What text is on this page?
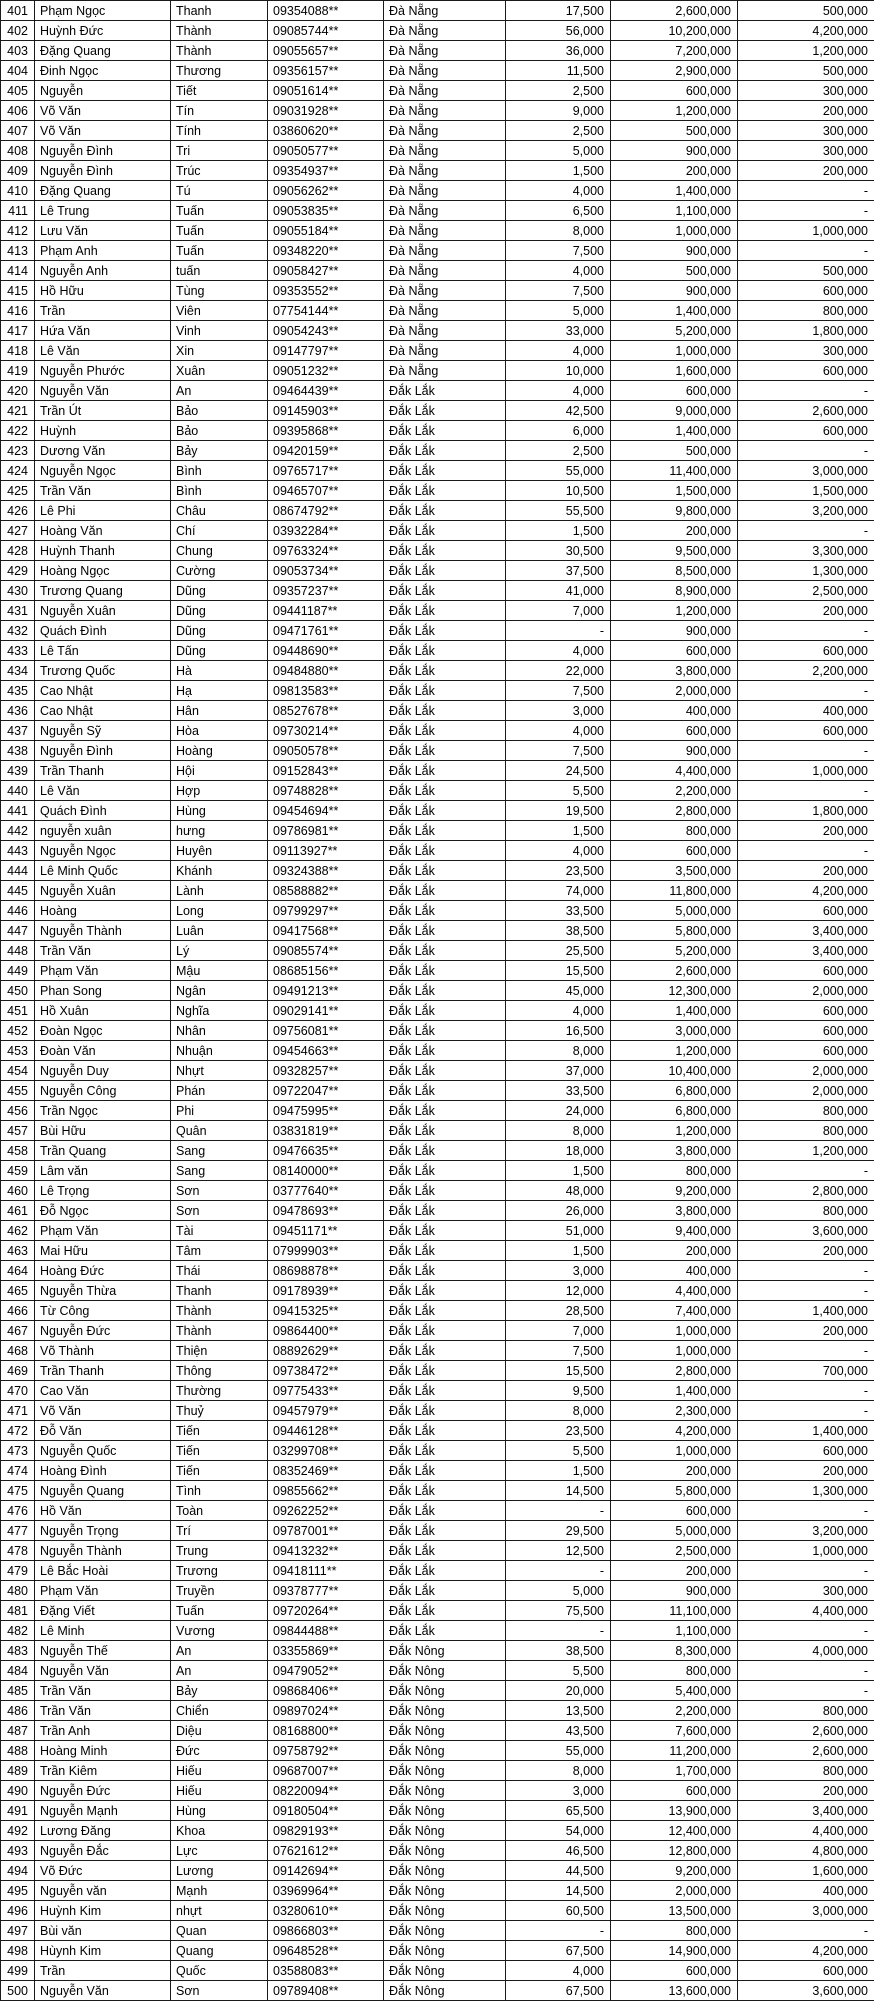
401	Phạm Ngọc	Thanh	09354088**	Đà Nẵng	17,500	2,600,000	500,000
402	Huỳnh Đức	Thành	09085744**	Đà Nẵng	56,000	10,200,000	4,200,000
403	Đặng Quang	Thành	09055657**	Đà Nẵng	36,000	7,200,000	1,200,000
404	Đinh Ngọc	Thương	09356157**	Đà Nẵng	11,500	2,900,000	500,000
405	Nguyễn	Tiết	09051614**	Đà Nẵng	2,500	600,000	300,000
406	Võ Văn	Tín	09031928**	Đà Nẵng	9,000	1,200,000	200,000
407	Võ Văn	Tính	03860620**	Đà Nẵng	2,500	500,000	300,000
408	Nguyễn Đình	Tri	09050577**	Đà Nẵng	5,000	900,000	300,000
409	Nguyễn Đình	Trúc	09354937**	Đà Nẵng	1,500	200,000	200,000
410	Đặng Quang	Tú	09056262**	Đà Nẵng	4,000	1,400,000	-
411	Lê Trung	Tuấn	09053835**	Đà Nẵng	6,500	1,100,000	-
412	Lưu Văn	Tuấn	09055184**	Đà Nẵng	8,000	1,000,000	1,000,000
413	Phạm Anh	Tuấn	09348220**	Đà Nẵng	7,500	900,000	-
414	Nguyễn Anh	tuấn	09058427**	Đà Nẵng	4,000	500,000	500,000
415	Hồ Hữu	Tùng	09353552**	Đà Nẵng	7,500	900,000	600,000
416	Trần	Viên	07754144**	Đà Nẵng	5,000	1,400,000	800,000
417	Hứa Văn	Vinh	09054243**	Đà Nẵng	33,000	5,200,000	1,800,000
418	Lê Văn	Xin	09147797**	Đà Nẵng	4,000	1,000,000	300,000
419	Nguyễn Phước	Xuân	09051232**	Đà Nẵng	10,000	1,600,000	600,000
420	Nguyễn Văn	An	09464439**	Đắk Lắk	4,000	600,000	-
421	Trần Út	Bảo	09145903**	Đắk Lắk	42,500	9,000,000	2,600,000
422	Huỳnh	Bảo	09395868**	Đắk Lắk	6,000	1,400,000	600,000
423	Dương Văn	Bảy	09420159**	Đắk Lắk	2,500	500,000	-
424	Nguyễn Ngọc	Bình	09765717**	Đắk Lắk	55,000	11,400,000	3,000,000
425	Trần Văn	Bình	09465707**	Đắk Lắk	10,500	1,500,000	1,500,000
426	Lê Phi	Châu	08674792**	Đắk Lắk	55,500	9,800,000	3,200,000
427	Hoàng Văn	Chí	03932284**	Đắk Lắk	1,500	200,000	-
428	Huỳnh Thanh	Chung	09763324**	Đắk Lắk	30,500	9,500,000	3,300,000
429	Hoàng Ngọc	Cường	09053734**	Đắk Lắk	37,500	8,500,000	1,300,000
430	Trương Quang	Dũng	09357237**	Đắk Lắk	41,000	8,900,000	2,500,000
431	Nguyễn Xuân	Dũng	09441187**	Đắk Lắk	7,000	1,200,000	200,000
432	Quách Đình	Dũng	09471761**	Đắk Lắk	-	900,000	-
433	Lê Tấn	Dũng	09448690**	Đắk Lắk	4,000	600,000	600,000
434	Trương Quốc	Hà	09484880**	Đắk Lắk	22,000	3,800,000	2,200,000
435	Cao Nhật	Hạ	09813583**	Đắk Lắk	7,500	2,000,000	-
436	Cao Nhật	Hân	08527678**	Đắk Lắk	3,000	400,000	400,000
437	Nguyễn Sỹ	Hòa	09730214**	Đắk Lắk	4,000	600,000	600,000
438	Nguyễn Đình	Hoàng	09050578**	Đắk Lắk	7,500	900,000	-
439	Trần Thanh	Hội	09152843**	Đắk Lắk	24,500	4,400,000	1,000,000
440	Lê Văn	Hợp	09748828**	Đắk Lắk	5,500	2,200,000	-
441	Quách Đình	Hùng	09454694**	Đắk Lắk	19,500	2,800,000	1,800,000
442	nguyễn xuân	hưng	09786981**	Đắk Lắk	1,500	800,000	200,000
443	Nguyễn Ngọc	Huyên	09113927**	Đắk Lắk	4,000	600,000	-
444	Lê Minh Quốc	Khánh	09324388**	Đắk Lắk	23,500	3,500,000	200,000
445	Nguyễn Xuân	Lành	08588882**	Đắk Lắk	74,000	11,800,000	4,200,000
446	Hoàng	Long	09799297**	Đắk Lắk	33,500	5,000,000	600,000
447	Nguyễn Thành	Luân	09417568**	Đắk Lắk	38,500	5,800,000	3,400,000
448	Trần Văn	Lý	09085574**	Đắk Lắk	25,500	5,200,000	3,400,000
449	Phạm Văn	Mậu	08685156**	Đắk Lắk	15,500	2,600,000	600,000
450	Phan Song	Ngân	09491213**	Đắk Lắk	45,000	12,300,000	2,000,000
451	Hồ Xuân	Nghĩa	09029141**	Đắk Lắk	4,000	1,400,000	600,000
452	Đoàn Ngọc	Nhân	09756081**	Đắk Lắk	16,500	3,000,000	600,000
453	Đoàn Văn	Nhuận	09454663**	Đắk Lắk	8,000	1,200,000	600,000
454	Nguyễn Duy	Nhựt	09328257**	Đắk Lắk	37,000	10,400,000	2,000,000
455	Nguyễn Công	Phán	09722047**	Đắk Lắk	33,500	6,800,000	2,000,000
456	Trần Ngọc	Phi	09475995**	Đắk Lắk	24,000	6,800,000	800,000
457	Bùi Hữu	Quân	03831819**	Đắk Lắk	8,000	1,200,000	800,000
458	Trần Quang	Sang	09476635**	Đắk Lắk	18,000	3,800,000	1,200,000
459	Lâm văn	Sang	08140000**	Đắk Lắk	1,500	800,000	-
460	Lê Trọng	Sơn	03777640**	Đắk Lắk	48,000	9,200,000	2,800,000
461	Đỗ Ngọc	Sơn	09478693**	Đắk Lắk	26,000	3,800,000	800,000
462	Phạm Văn	Tài	09451171**	Đắk Lắk	51,000	9,400,000	3,600,000
463	Mai Hữu	Tâm	07999903**	Đắk Lắk	1,500	200,000	200,000
464	Hoàng Đức	Thái	08698878**	Đắk Lắk	3,000	400,000	-
465	Nguyễn Thừa	Thanh	09178939**	Đắk Lắk	12,000	4,400,000	-
466	Từ Công	Thành	09415325**	Đắk Lắk	28,500	7,400,000	1,400,000
467	Nguyễn Đức	Thành	09864400**	Đắk Lắk	7,000	1,000,000	200,000
468	Võ Thành	Thiện	08892629**	Đắk Lắk	7,500	1,000,000	-
469	Trần Thanh	Thông	09738472**	Đắk Lắk	15,500	2,800,000	700,000
470	Cao Văn	Thường	09775433**	Đắk Lắk	9,500	1,400,000	-
471	Võ Văn	Thuỷ	09457979**	Đắk Lắk	8,000	2,300,000	-
472	Đỗ Văn	Tiến	09446128**	Đắk Lắk	23,500	4,200,000	1,400,000
473	Nguyễn Quốc	Tiến	03299708**	Đắk Lắk	5,500	1,000,000	600,000
474	Hoàng Đình	Tiến	08352469**	Đắk Lắk	1,500	200,000	200,000
475	Nguyễn Quang	Tình	09855662**	Đắk Lắk	14,500	5,800,000	1,300,000
476	Hồ Văn	Toàn	09262252**	Đắk Lắk	-	600,000	-
477	Nguyễn Trọng	Trí	09787001**	Đắk Lắk	29,500	5,000,000	3,200,000
478	Nguyễn Thành	Trung	09413232**	Đắk Lắk	12,500	2,500,000	1,000,000
479	Lê Bắc Hoài	Trương	09418111**	Đắk Lắk	-	200,000	-
480	Phạm Văn	Truyền	09378777**	Đắk Lắk	5,000	900,000	300,000
481	Đặng Viết	Tuấn	09720264**	Đắk Lắk	75,500	11,100,000	4,400,000
482	Lê Minh	Vương	09844488**	Đắk Lắk	-	1,100,000	-
483	Nguyễn Thế	An	03355869**	Đắk Nông	38,500	8,300,000	4,000,000
484	Nguyễn Văn	An	09479052**	Đắk Nông	5,500	800,000	-
485	Trần Văn	Bảy	09868406**	Đắk Nông	20,000	5,400,000	-
486	Trần Văn	Chiển	09897024**	Đắk Nông	13,500	2,200,000	800,000
487	Trần Anh	Diệu	08168800**	Đắk Nông	43,500	7,600,000	2,600,000
488	Hoàng Minh	Đức	09758792**	Đắk Nông	55,000	11,200,000	2,600,000
489	Trần Kiêm	Hiếu	09687007**	Đắk Nông	8,000	1,700,000	800,000
490	Nguyễn Đức	Hiếu	08220094**	Đắk Nông	3,000	600,000	200,000
491	Nguyễn Mạnh	Hùng	09180504**	Đắk Nông	65,500	13,900,000	3,400,000
492	Lương Đăng	Khoa	09829193**	Đắk Nông	54,000	12,400,000	4,400,000
493	Nguyễn Đắc	Lực	07621612**	Đắk Nông	46,500	12,800,000	4,800,000
494	Võ Đức	Lương	09142694**	Đắk Nông	44,500	9,200,000	1,600,000
495	Nguyễn văn	Mạnh	03969964**	Đắk Nông	14,500	2,000,000	400,000
496	Huỳnh Kim	nhựt	03280610**	Đắk Nông	60,500	13,500,000	3,000,000
497	Bùi văn	Quan	09866803**	Đắk Nông	-	800,000	-
498	Hùynh Kim	Quang	09648528**	Đắk Nông	67,500	14,900,000	4,200,000
499	Trần	Quốc	03588083**	Đắk Nông	4,000	600,000	600,000
500	Nguyễn Văn	Sơn	09789408**	Đắk Nông	67,500	13,600,000	3,600,000
